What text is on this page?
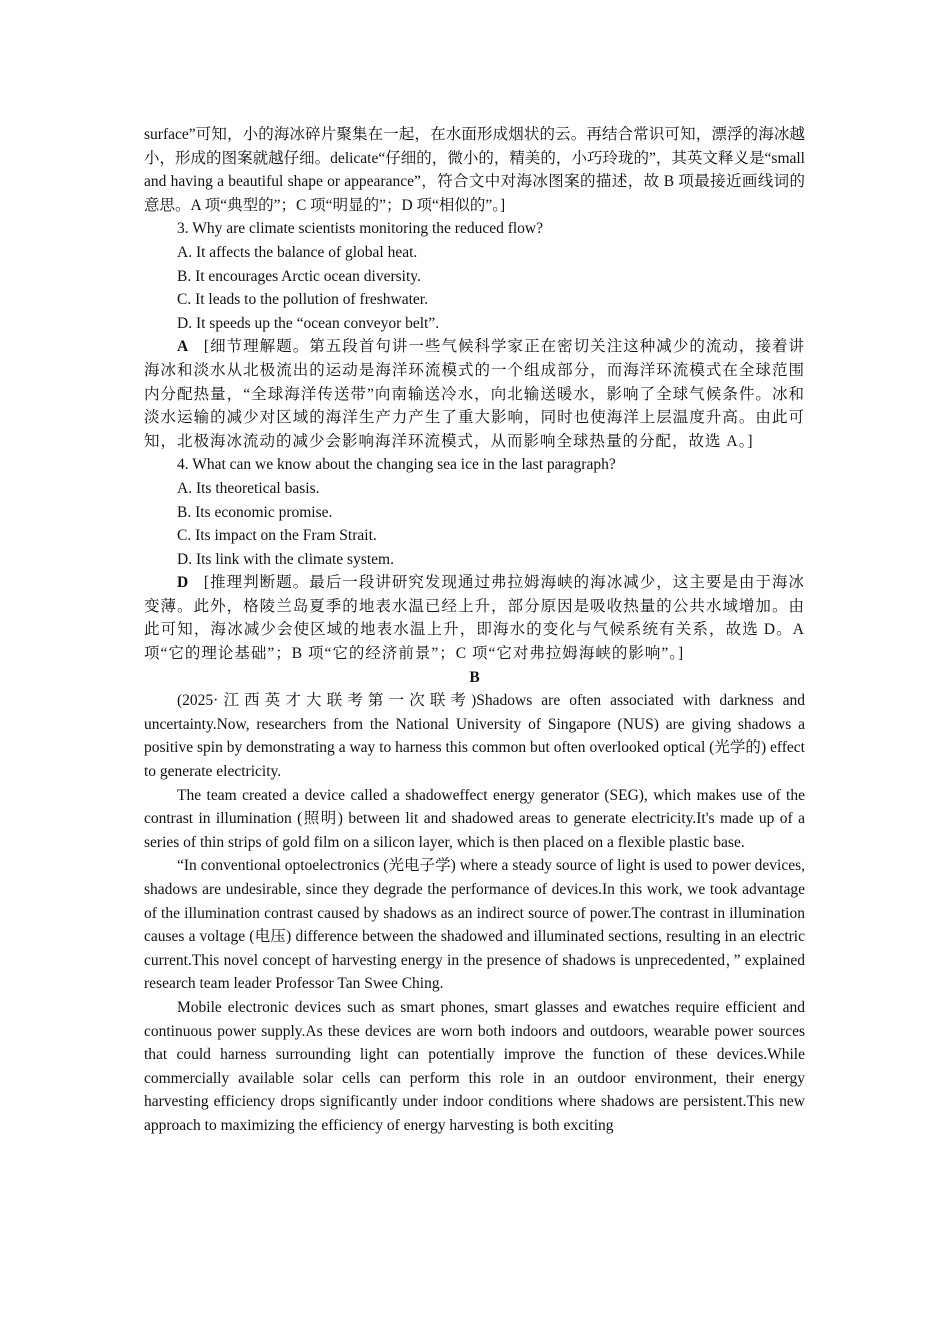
surface”可知，小的海冰碎片聚集在一起，在水面形成烟状的云。再结合常识可知，漂浮的海冰越小，形成的图案就越仔细。delicate“仔细的，微小的，精美的，小巧玲珑的”，其英文释义是“small and having a beautiful shape or appearance”，符合文中对海冰图案的描述，故 B 项最接近画线词的意思。A 项“典型的”；C 项“明显的”；D 项“相似的”。]

3. Why are climate scientists monitoring the reduced flow?

A. It affects the balance of global heat.

B. It encourages Arctic ocean diversity.

C. It leads to the pollution of freshwater.

D. It speeds up the “ocean conveyor belt”.

A [细节理解题。第五段首句讲一些气候科学家正在密切关注这种减少的流动，接着讲海冰和淡水从北极流出的运动是海洋环流模式的一个组成部分，而海洋环流模式在全球范围内分配热量，“全球海洋传送带”向南输送冷水，向北输送暖水，影响了全球气候条件。冰和淡水运输的减少对区域的海洋生产力产生了重大影响，同时也使海洋上层温度升高。由此可知，北极海冰流动的减少会影响海洋环流模式，从而影响全球热量的分配，故选 A。]

4. What can we know about the changing sea ice in the last paragraph?

A. Its theoretical basis.

B. Its economic promise.

C. Its impact on the Fram Strait.

D. Its link with the climate system.

D [推理判断题。最后一段讲研究发现通过弗拉姆海峡的海冰减少，这主要是由于海冰变薄。此外，格陵兰岛夏季的地表水温已经上升，部分原因是吸收热量的公共水域增加。由此可知，海冰减少会使区域的地表水温上升，即海水的变化与气候系统有关系，故选 D。A 项“它的理论基础”；B 项“它的经济前景”；C 项“它对弗拉姆海峡的影响”。]

B

(2025·江西英才大联考第一次联考)Shadows are often associated with darkness and uncertainty.Now, researchers from the National University of Singapore (NUS) are giving shadows a positive spin by demonstrating a way to harness this common but often overlooked optical (光学的) effect to generate electricity.

The team created a device called a shadoweffect energy generator (SEG), which makes use of the contrast in illumination (照明) between lit and shadowed areas to generate electricity.It's made up of a series of thin strips of gold film on a silicon layer, which is then placed on a flexible plastic base.

“In conventional optoelectronics (光电子学) where a steady source of light is used to power devices, shadows are undesirable, since they degrade the performance of devices.In this work, we took advantage of the illumination contrast caused by shadows as an indirect source of power.The contrast in illumination causes a voltage (电压) difference between the shadowed and illuminated sections, resulting in an electric current.This novel concept of harvesting energy in the presence of shadows is unprecedented，” explained research team leader Professor Tan Swee Ching.

Mobile electronic devices such as smart phones, smart glasses and ewatches require efficient and continuous power supply.As these devices are worn both indoors and outdoors, wearable power sources that could harness surrounding light can potentially improve the function of these devices.While commercially available solar cells can perform this role in an outdoor environment, their energy harvesting efficiency drops significantly under indoor conditions where shadows are persistent.This new approach to maximizing the efficiency of energy harvesting is both exciting
